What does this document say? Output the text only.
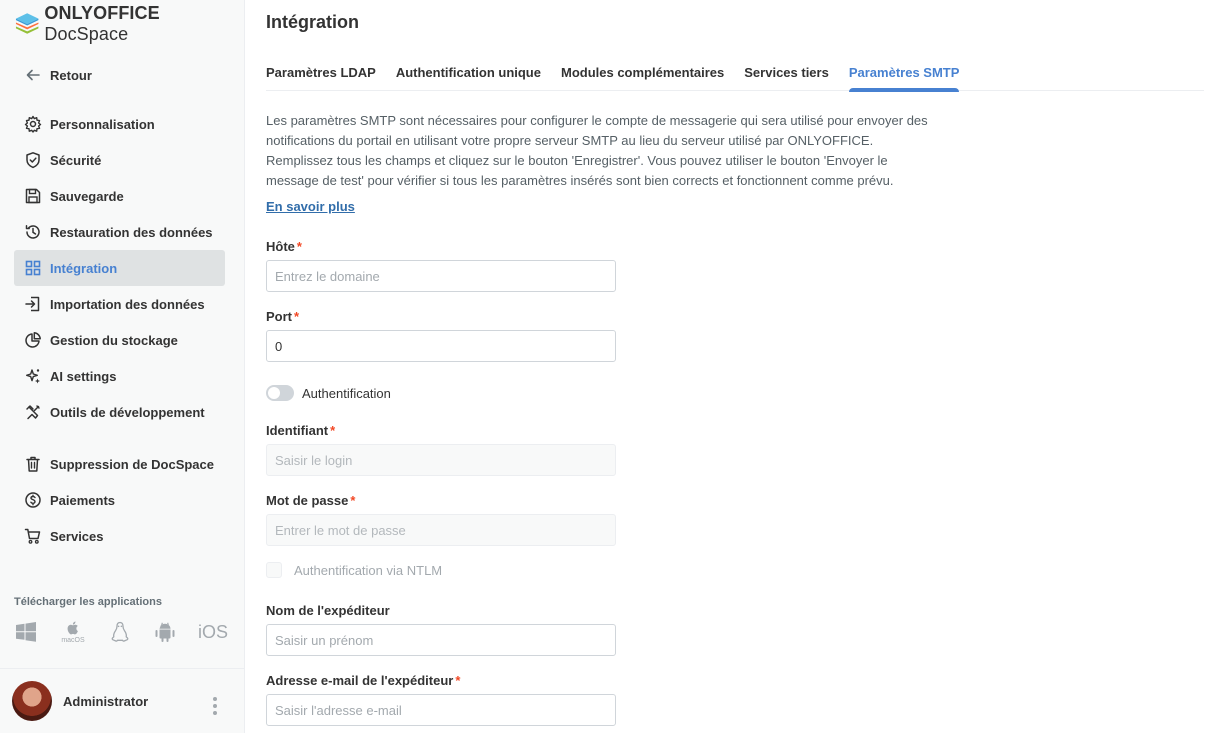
ONLYOFFICE DocSpace
Retour
Personnalisation
Sécurité
Sauvegarde
Restauration des données
Intégration
Importation des données
Gestion du stockage
AI settings
Outils de développement
Suppression de DocSpace
Paiements
Services
Télécharger les applications
macOS	iOS
Administrator
Intégration
Paramètres LDAP Authentification unique Modules complémentaires Services tiers Paramètres SMTP
Les paramètres SMTP sont nécessaires pour configurer le compte de messagerie qui sera utilisé pour envoyer des
notifications du portail en utilisant votre propre serveur SMTP au lieu du serveur utilisé par ONLYOFFICE.
Remplissez tous les champs et cliquez sur le bouton 'Enregistrer'. Vous pouvez utiliser le bouton 'Envoyer le
message de test' pour vérifier si tous les paramètres insérés sont bien corrects et fonctionnent comme prévu.
En savoir plus
Hôte *
Entrez le domaine
Port *
0
Authentification
Identifiant *
Saisir le login
Mot de passe *
Entrer le mot de passe
Authentification via NTLM
Nom de l'expéditeur
Saisir un prénom
Adresse e-mail de l'expéditeur *
Saisir l'adresse e-mail
